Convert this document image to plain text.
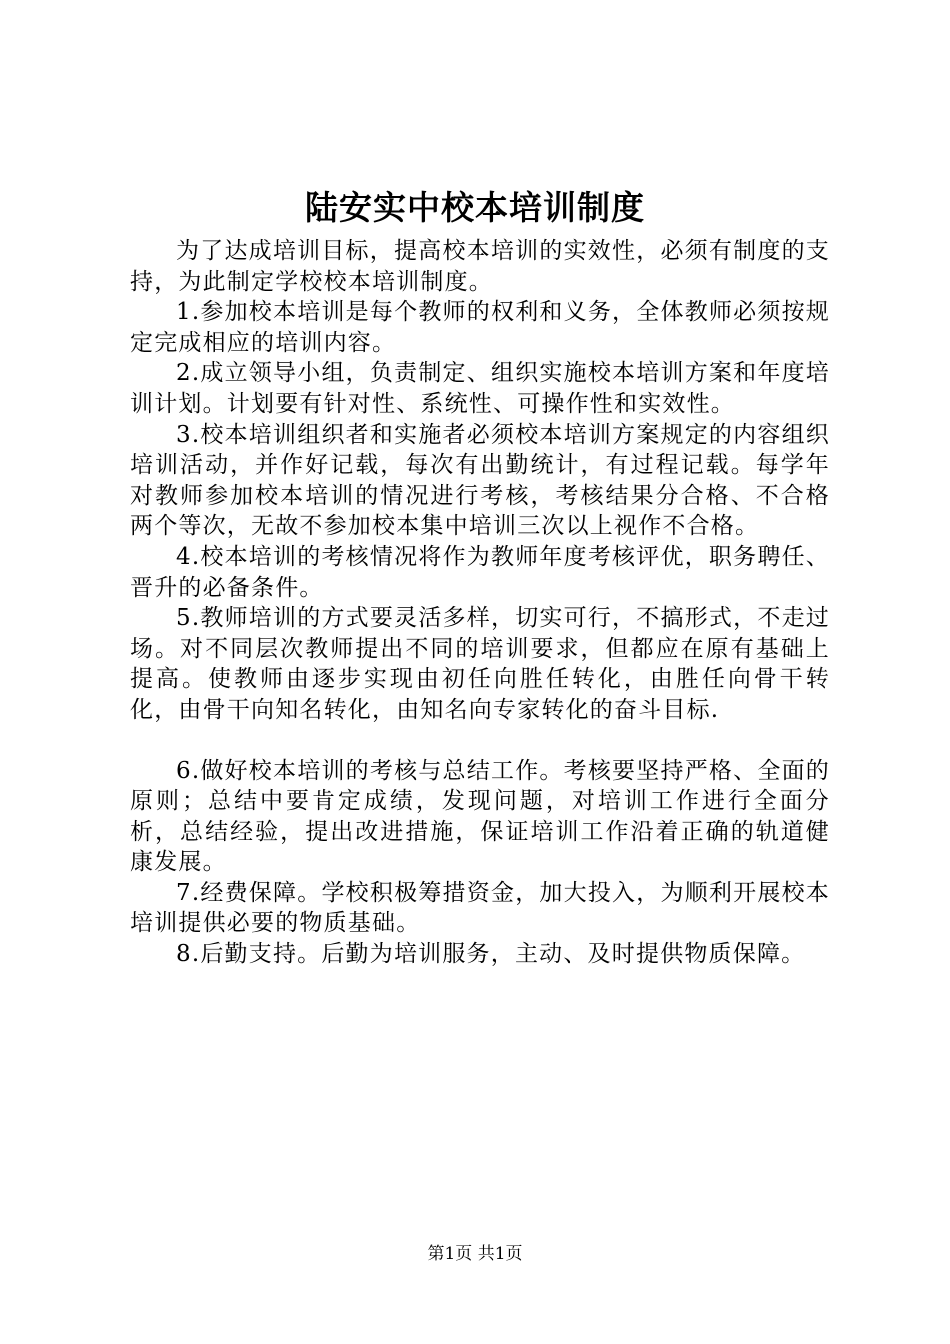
陆安实中校本培训制度

为了达成培训目标，提高校本培训的实效性，必须有制度的支持，为此制定学校校本培训制度。

1.参加校本培训是每个教师的权利和义务，全体教师必须按规定完成相应的培训内容。

2.成立领导小组，负责制定、组织实施校本培训方案和年度培训计划。计划要有针对性、系统性、可操作性和实效性。

3.校本培训组织者和实施者必须校本培训方案规定的内容组织培训活动，并作好记载，每次有出勤统计，有过程记载。每学年对教师参加校本培训的情况进行考核，考核结果分合格、不合格两个等次，无故不参加校本集中培训三次以上视作不合格。

4.校本培训的考核情况将作为教师年度考核评优，职务聘任、晋升的必备条件。

5.教师培训的方式要灵活多样，切实可行，不搞形式，不走过场。对不同层次教师提出不同的培训要求，但都应在原有基础上提高。使教师由逐步实现由初任向胜任转化，由胜任向骨干转化，由骨干向知名转化，由知名向专家转化的奋斗目标.

6.做好校本培训的考核与总结工作。考核要坚持严格、全面的原则；总结中要肯定成绩，发现问题，对培训工作进行全面分析，总结经验，提出改进措施，保证培训工作沿着正确的轨道健康发展。

7.经费保障。学校积极筹措资金，加大投入，为顺利开展校本培训提供必要的物质基础。

8.后勤支持。后勤为培训服务，主动、及时提供物质保障。

第1页 共1页
